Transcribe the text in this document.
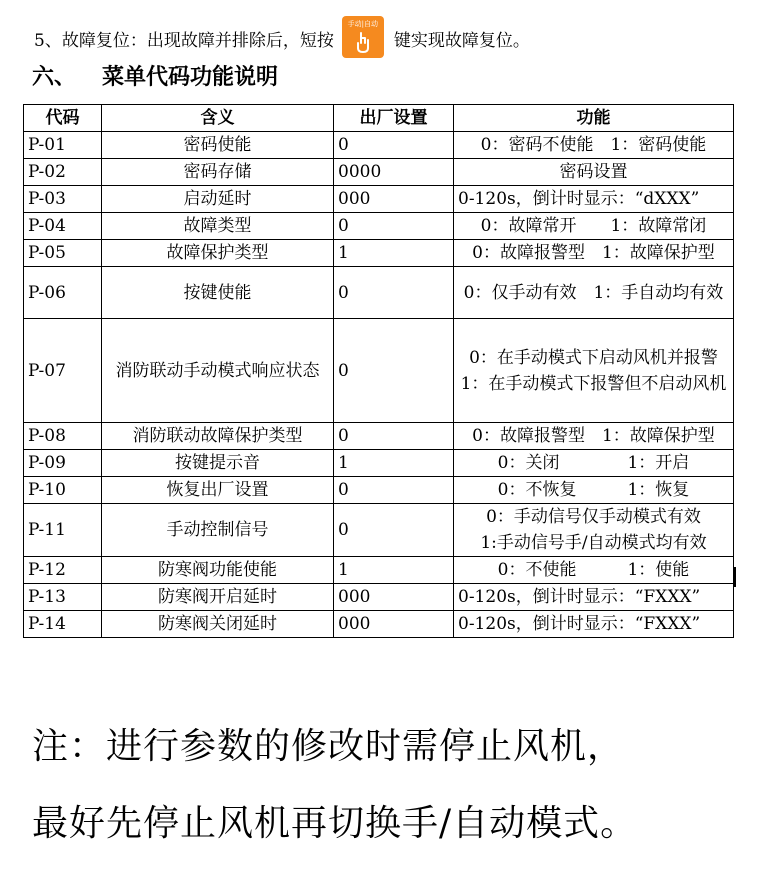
5、故障复位：出现故障并排除后，短按
手动|自动
键实现故障复位。
六、 菜单代码功能说明
代码	含义	出厂设置	功能
P-01	密码使能	0	0：密码不使能　1：密码使能
P-02	密码存储	0000	密码设置
P-03	启动延时	000	0-120s，倒计时显示：“dXXX”
P-04	故障类型	0	0：故障常开　　1：故障常闭
P-05	故障保护类型	1	0：故障报警型　1：故障保护型
P-06	按键使能	0	0：仅手动有效　1：手自动均有效
P-07	消防联动手动模式响应状态	0	0：在手动模式下启动风机并报警
1：在手动模式下报警但不启动风机
P-08	消防联动故障保护类型	0	0：故障报警型　1：故障保护型
P-09	按键提示音	1	0：关闭　　　　1：开启
P-10	恢复出厂设置	0	0：不恢复　　　1：恢复
P-11	手动控制信号	0	0：手动信号仅手动模式有效
1:手动信号手/自动模式均有效
P-12	防寒阀功能使能	1	0：不使能　　　1：使能
P-13	防寒阀开启延时	000	0-120s，倒计时显示：“FXXX”
P-14	防寒阀关闭延时	000	0-120s，倒计时显示：“FXXX”
注：进行参数的修改时需停止风机，
最好先停止风机再切换手/自动模式。
